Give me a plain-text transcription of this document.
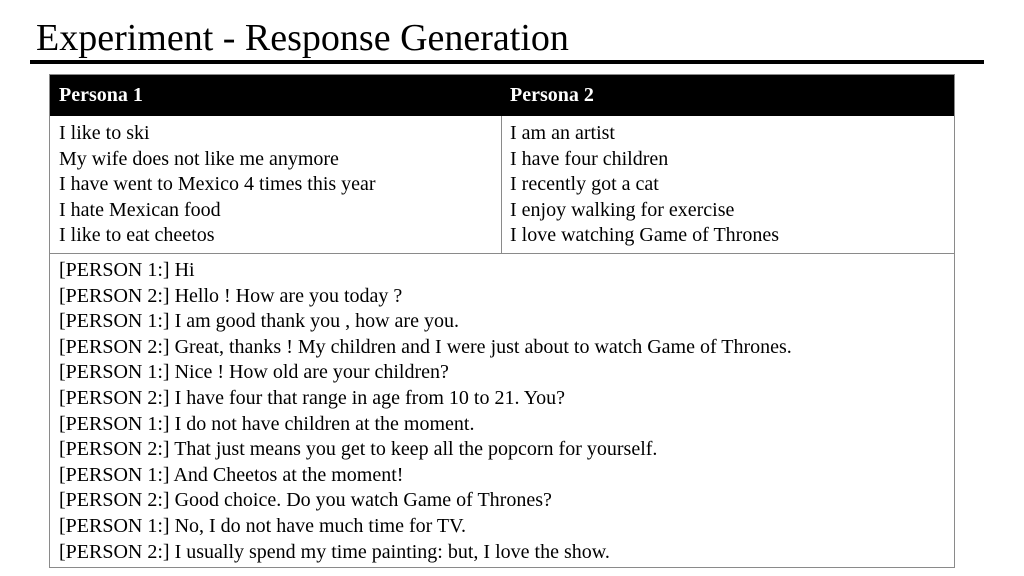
Experiment - Response Generation
Persona 1	Persona 2
I like to ski
My wife does not like me anymore
I have went to Mexico 4 times this year
I hate Mexican food
I like to eat cheetos
I am an artist
I have four children
I recently got a cat
I enjoy walking for exercise
I love watching Game of Thrones
[PERSON 1:] Hi
[PERSON 2:] Hello ! How are you today ?
[PERSON 1:] I am good thank you , how are you.
[PERSON 2:] Great, thanks ! My children and I were just about to watch Game of Thrones.
[PERSON 1:] Nice ! How old are your children?
[PERSON 2:] I have four that range in age from 10 to 21. You?
[PERSON 1:] I do not have children at the moment.
[PERSON 2:] That just means you get to keep all the popcorn for yourself.
[PERSON 1:] And Cheetos at the moment!
[PERSON 2:] Good choice. Do you watch Game of Thrones?
[PERSON 1:] No, I do not have much time for TV.
[PERSON 2:] I usually spend my time painting: but, I love the show.
